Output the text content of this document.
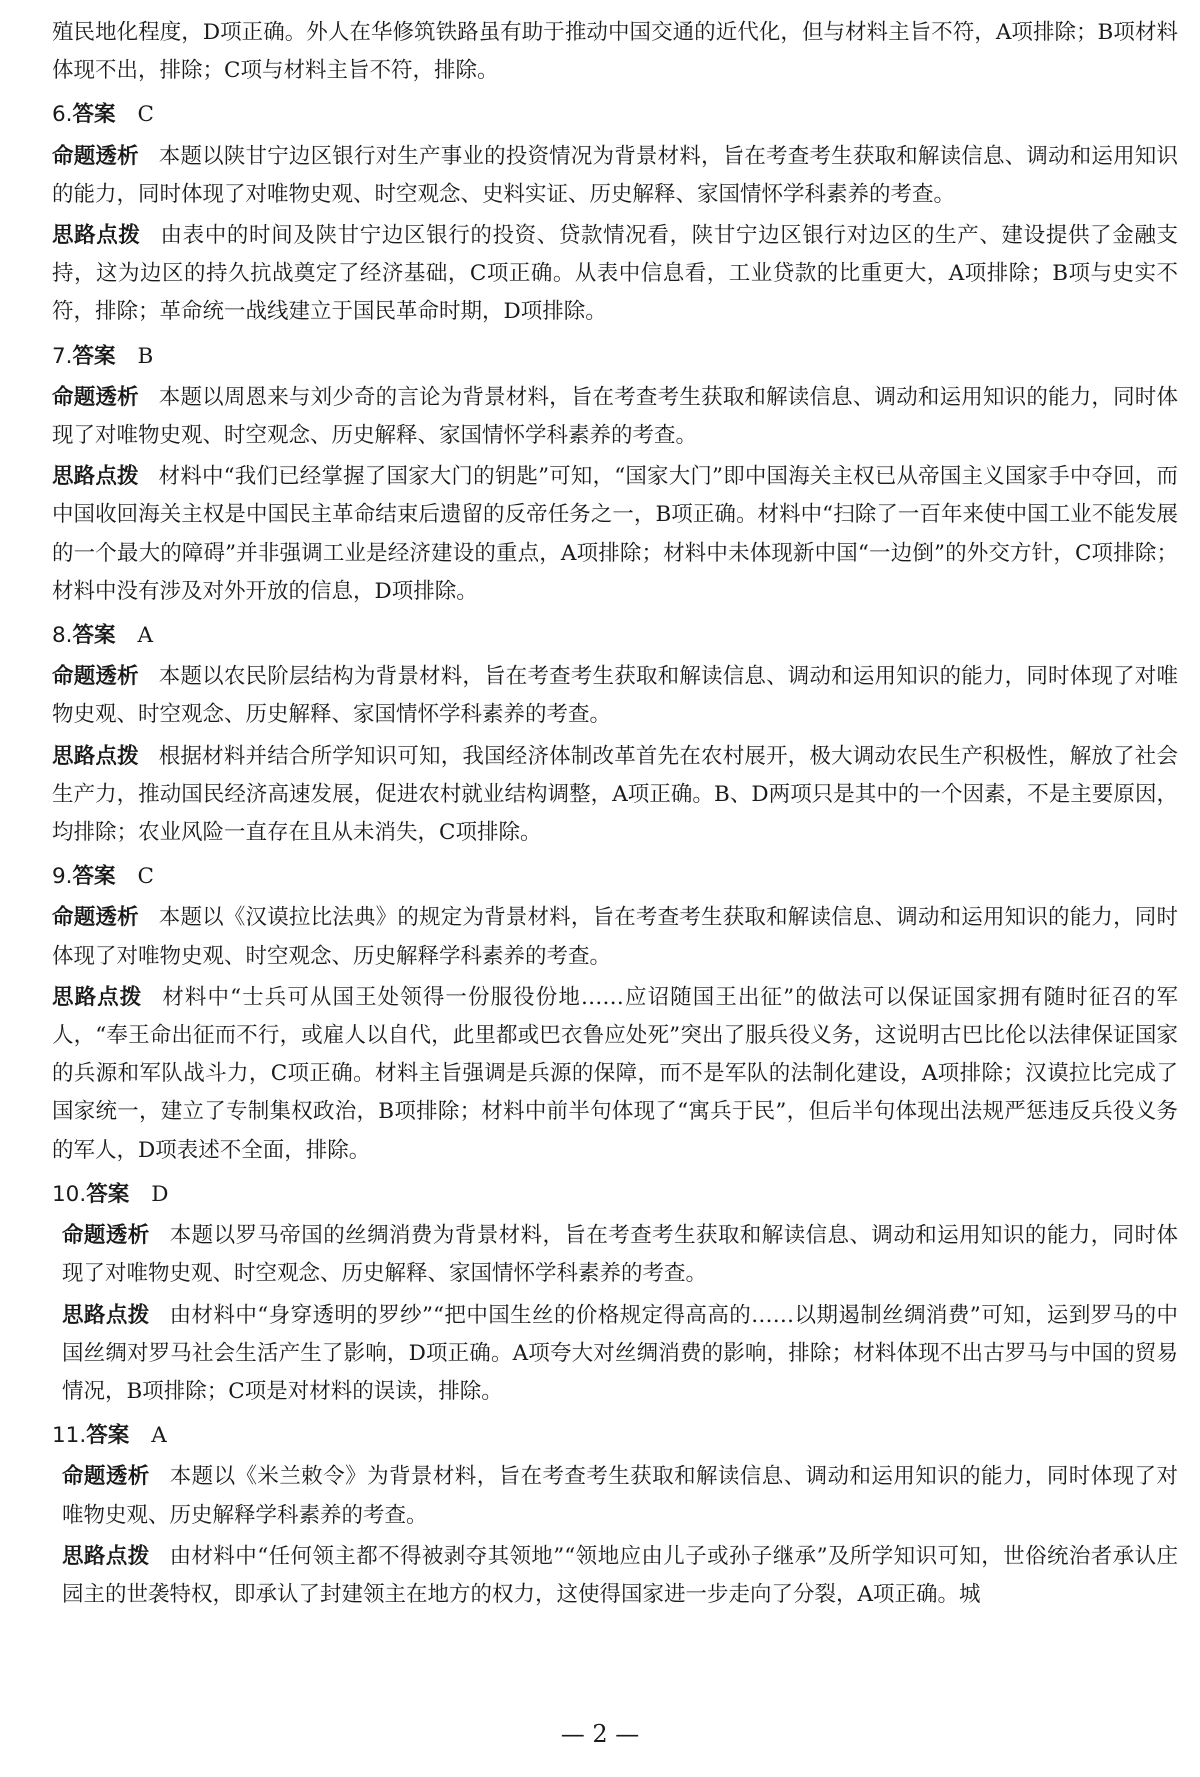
殖民地化程度，D项正确。外人在华修筑铁路虽有助于推动中国交通的近代化，但与材料主旨不符，A项排除；B项材料体现不出，排除；C项与材料主旨不符，排除。

6.答案 C

命题透析 本题以陕甘宁边区银行对生产事业的投资情况为背景材料，旨在考查考生获取和解读信息、调动和运用知识的能力，同时体现了对唯物史观、时空观念、史料实证、历史解释、家国情怀学科素养的考查。

思路点拨 由表中的时间及陕甘宁边区银行的投资、贷款情况看，陕甘宁边区银行对边区的生产、建设提供了金融支持，这为边区的持久抗战奠定了经济基础，C项正确。从表中信息看，工业贷款的比重更大，A项排除；B项与史实不符，排除；革命统一战线建立于国民革命时期，D项排除。

7.答案 B

命题透析 本题以周恩来与刘少奇的言论为背景材料，旨在考查考生获取和解读信息、调动和运用知识的能力，同时体现了对唯物史观、时空观念、历史解释、家国情怀学科素养的考查。

思路点拨 材料中“我们已经掌握了国家大门的钥匙”可知，“国家大门”即中国海关主权已从帝国主义国家手中夺回，而中国收回海关主权是中国民主革命结束后遗留的反帝任务之一，B项正确。材料中“扫除了一百年来使中国工业不能发展的一个最大的障碍”并非强调工业是经济建设的重点，A项排除；材料中未体现新中国“一边倒”的外交方针，C项排除；材料中没有涉及对外开放的信息，D项排除。

8.答案 A

命题透析 本题以农民阶层结构为背景材料，旨在考查考生获取和解读信息、调动和运用知识的能力，同时体现了对唯物史观、时空观念、历史解释、家国情怀学科素养的考查。

思路点拨 根据材料并结合所学知识可知，我国经济体制改革首先在农村展开，极大调动农民生产积极性，解放了社会生产力，推动国民经济高速发展，促进农村就业结构调整，A项正确。B、D两项只是其中的一个因素，不是主要原因，均排除；农业风险一直存在且从未消失，C项排除。

9.答案 C

命题透析 本题以《汉谟拉比法典》的规定为背景材料，旨在考查考生获取和解读信息、调动和运用知识的能力，同时体现了对唯物史观、时空观念、历史解释学科素养的考查。

思路点拨 材料中“士兵可从国王处领得一份服役份地……应诏随国王出征”的做法可以保证国家拥有随时征召的军人，“奉王命出征而不行，或雇人以自代，此里都或巴衣鲁应处死”突出了服兵役义务，这说明古巴比伦以法律保证国家的兵源和军队战斗力，C项正确。材料主旨强调是兵源的保障，而不是军队的法制化建设，A项排除；汉谟拉比完成了国家统一，建立了专制集权政治，B项排除；材料中前半句体现了“寓兵于民”，但后半句体现出法规严惩违反兵役义务的军人，D项表述不全面，排除。

10.答案 D

命题透析 本题以罗马帝国的丝绸消费为背景材料，旨在考查考生获取和解读信息、调动和运用知识的能力，同时体现了对唯物史观、时空观念、历史解释、家国情怀学科素养的考查。

思路点拨 由材料中“身穿透明的罗纱”“把中国生丝的价格规定得高高的……以期遏制丝绸消费”可知，运到罗马的中国丝绸对罗马社会生活产生了影响，D项正确。A项夸大对丝绸消费的影响，排除；材料体现不出古罗马与中国的贸易情况，B项排除；C项是对材料的误读，排除。

11.答案 A

命题透析 本题以《米兰敕令》为背景材料，旨在考查考生获取和解读信息、调动和运用知识的能力，同时体现了对唯物史观、历史解释学科素养的考查。

思路点拨 由材料中“任何领主都不得被剥夺其领地”“领地应由儿子或孙子继承”及所学知识可知，世俗统治者承认庄园主的世袭特权，即承认了封建领主在地方的权力，这使得国家进一步走向了分裂，A项正确。城

— 2 —
